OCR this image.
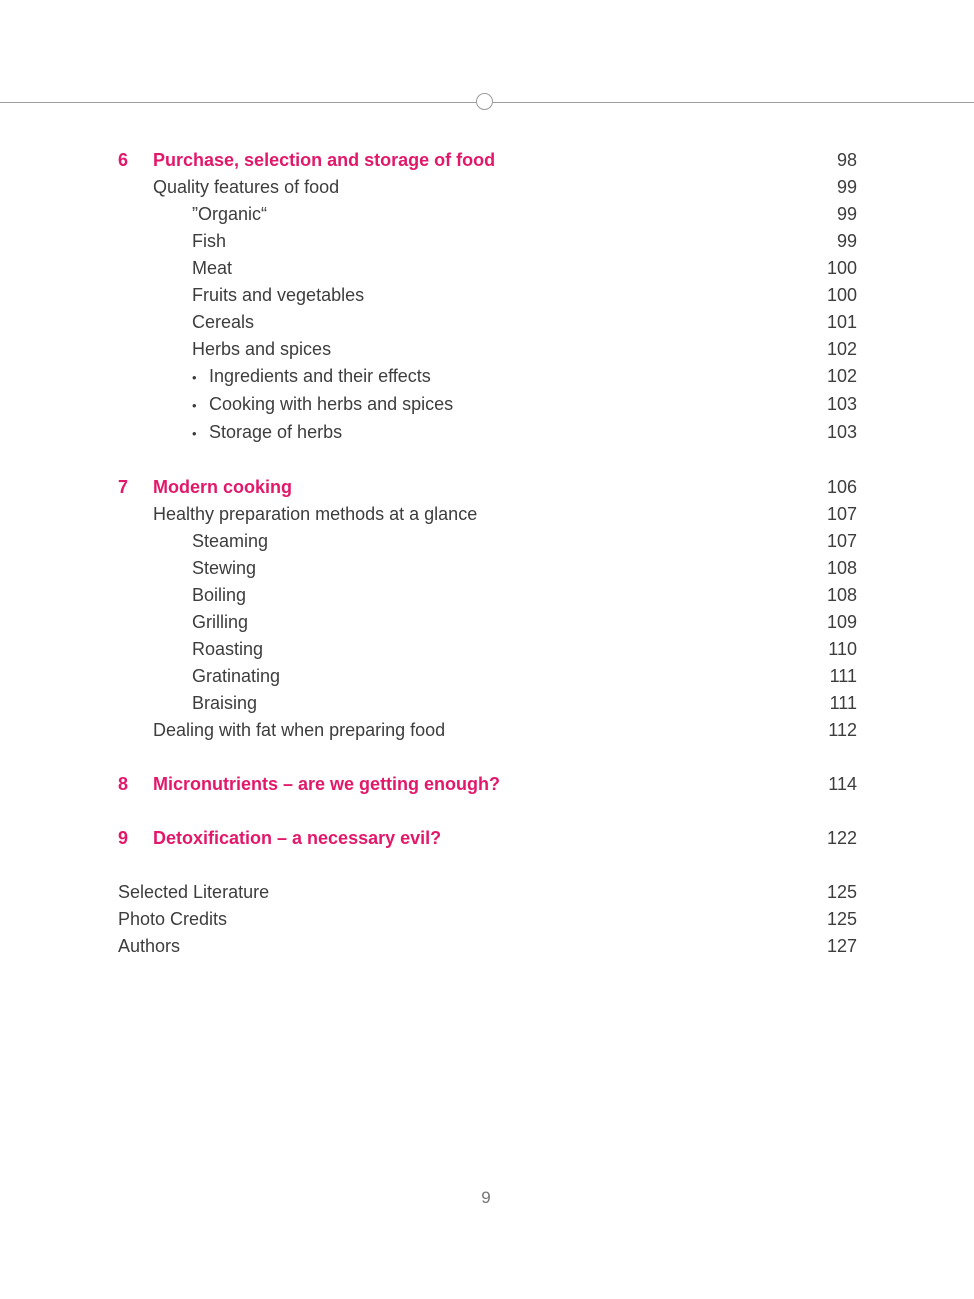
6	Purchase, selection and storage of food	98
Quality features of food	99
”Organic“	99
Fish	99
Meat	100
Fruits and vegetables	100
Cereals	101
Herbs and spices	102
• Ingredients and their effects	102
• Cooking with herbs and spices	103
• Storage of herbs	103
7	Modern cooking	106
Healthy preparation methods at a glance	107
Steaming	107
Stewing	108
Boiling	108
Grilling	109
Roasting	110
Gratinating	111
Braising	111
Dealing with fat when preparing food	112
8	Micronutrients – are we getting enough?	114
9	Detoxification – a necessary evil?	122
Selected Literature	125
Photo Credits	125
Authors	127
9
